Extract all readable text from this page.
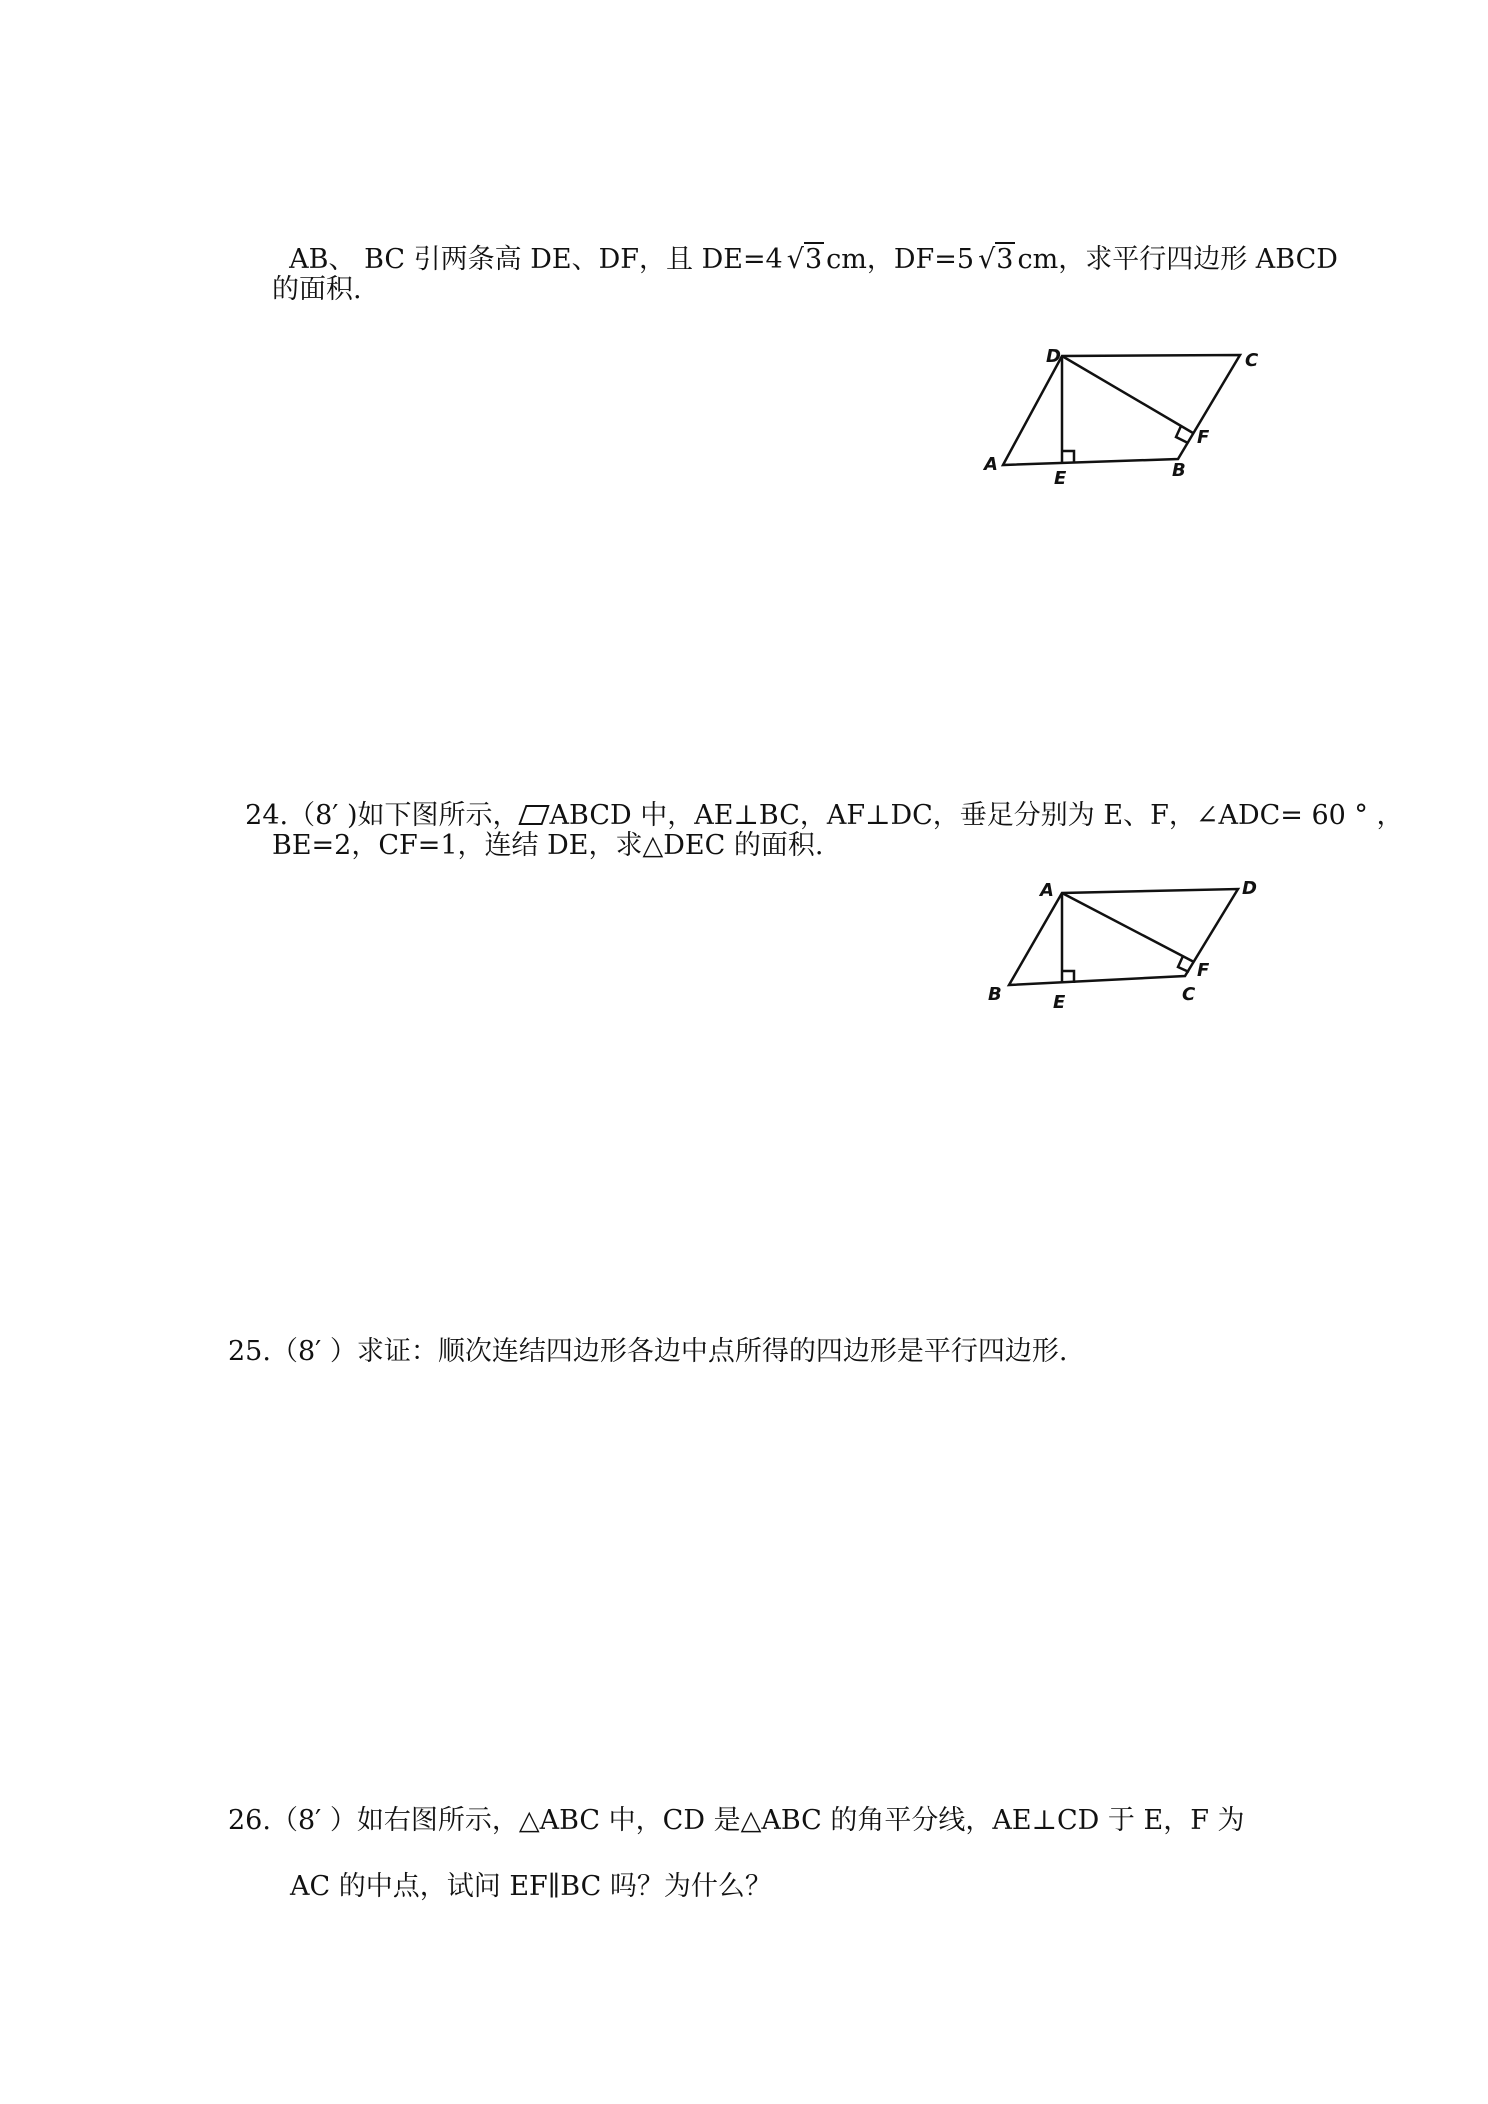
AB、 BC 引两条高 DE、DF，且 DE=4 √3 cm，DF=5 √3 cm，求平行四边形 ABCD

的面积.
D	C
A
E	B
F

24.（8′ )如下图所示， ABCD 中，AE⊥BC，AF⊥DC，垂足分别为 E、F，∠ADC= 60 ° ，

BE=2，CF=1，连结 DE，求△DEC 的面积.
A	D
B	E	C
F
25.（8′ ）求证：顺次连结四边形各边中点所得的四边形是平行四边形.
26.（8′ ）如右图所示，△ABC 中，CD 是△ABC 的角平分线，AE⊥CD 于 E，F 为
AC 的中点，试问 EF∥BC 吗？为什么？
